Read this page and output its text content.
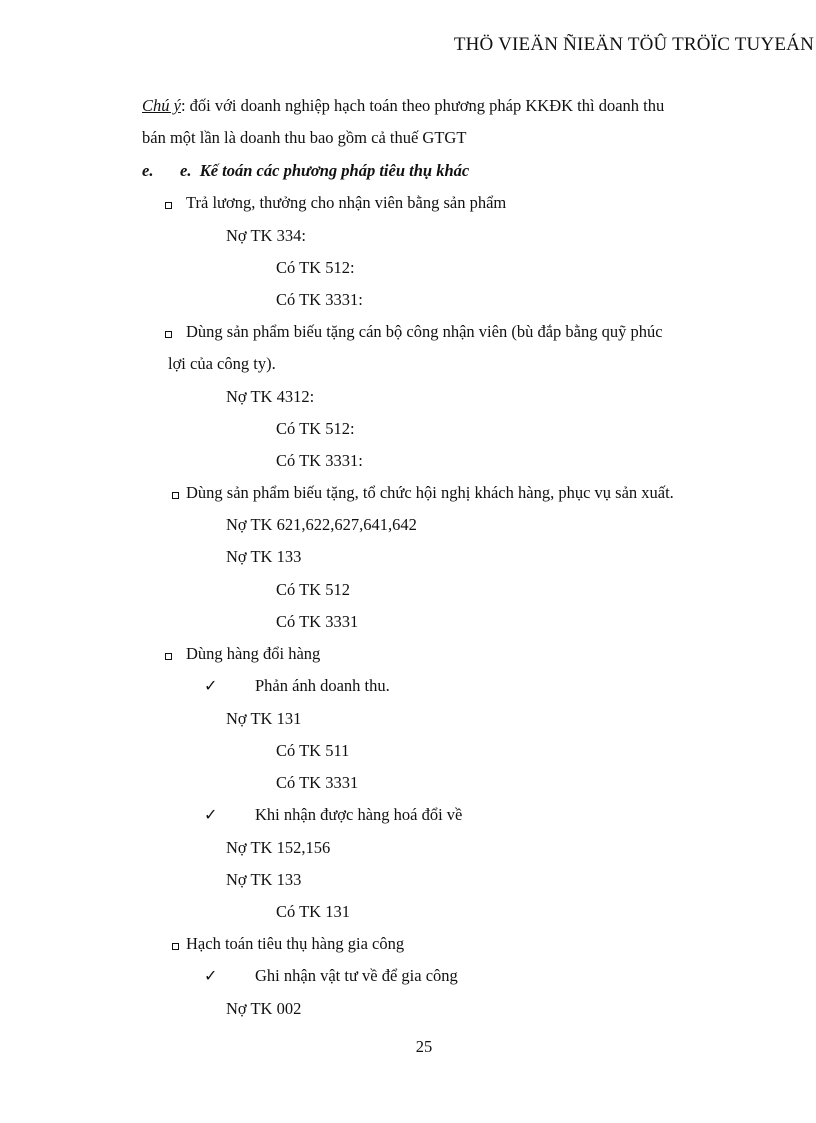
THÖ VIEÄN ÑIEÄN TÖÛ TRÖÏC TUYEÁN
Chú ý: đối với doanh nghiệp hạch toán theo phương pháp KKĐK thì doanh thu
bán một lần là doanh thu bao gồm cả thuế GTGT
e. e. Kế toán các phương pháp tiêu thụ khác
Trả lương, thưởng cho nhận viên bằng sản phẩm
Nợ TK 334:
Có TK 512:
Có TK 3331:
Dùng sản phẩm biếu tặng cán bộ công nhận viên (bù đắp bằng quỹ phúc
lợi của công ty).
Nợ TK 4312:
Có TK 512:
Có TK 3331:
Dùng sản phẩm biếu tặng, tổ chức hội nghị khách hàng, phục vụ sản xuất.
Nợ TK 621,622,627,641,642
Nợ TK 133
Có TK 512
Có TK 3331
Dùng hàng đổi hàng
✓ Phản ánh doanh thu.
Nợ TK 131
Có TK 511
Có TK 3331
✓ Khi nhận được hàng hoá đổi về
Nợ TK 152,156
Nợ TK 133
Có TK 131
Hạch toán tiêu thụ hàng gia công
✓ Ghi nhận vật tư về để gia công
Nợ TK 002
25
